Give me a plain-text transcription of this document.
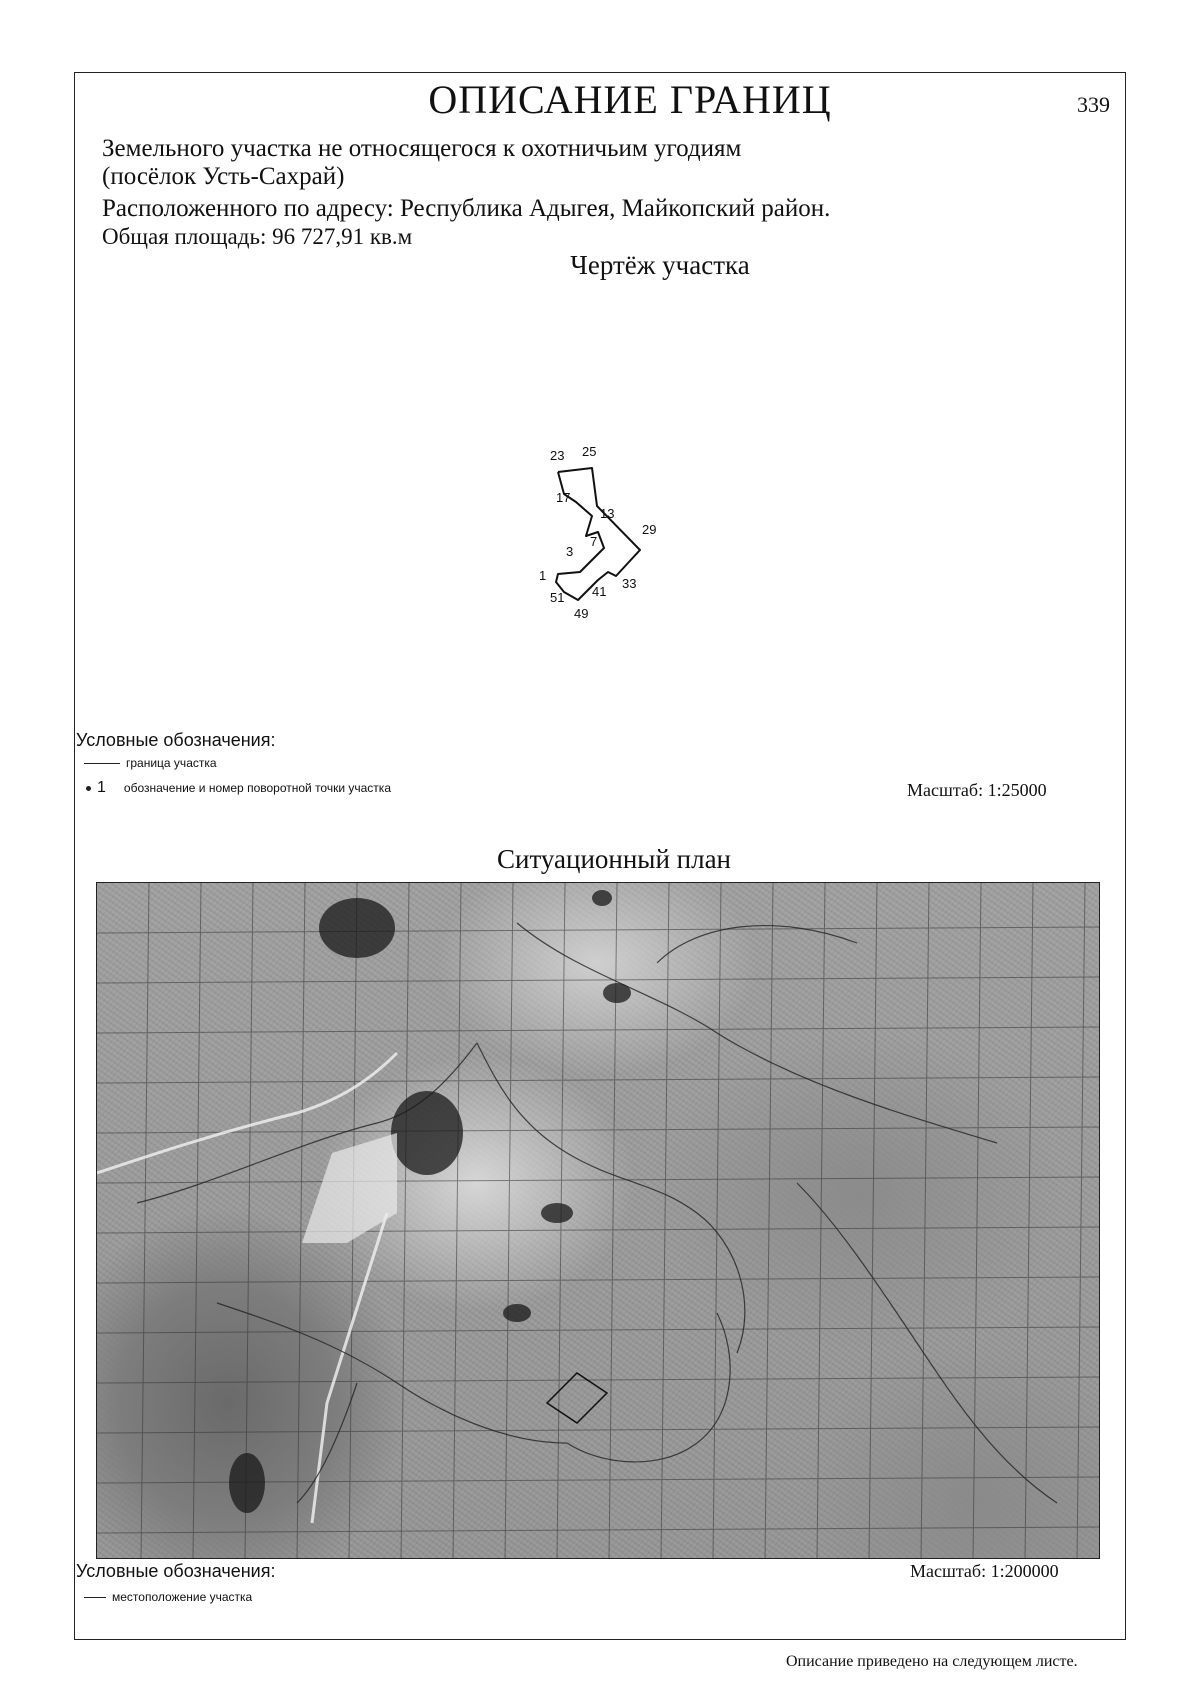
339
ОПИСАНИЕ ГРАНИЦ
Земельного участка не относящегося к охотничьим угодиям
(посёлок Усть-Сахрай)
Расположенного по адресу: Республика Адыгея, Майкопский район.
Общая площадь: 96 727,91 кв.м
Чертёж участка
23 25
17
13
29
3
7
1
33
51 41
49
Условные обозначения:
граница участка
1 обозначение и номер поворотной точки участка	Масштаб: 1:25000
Ситуационный план
Условные обозначения:
местоположение участка
Масштаб: 1:200000
Описание приведено на следующем листе.
